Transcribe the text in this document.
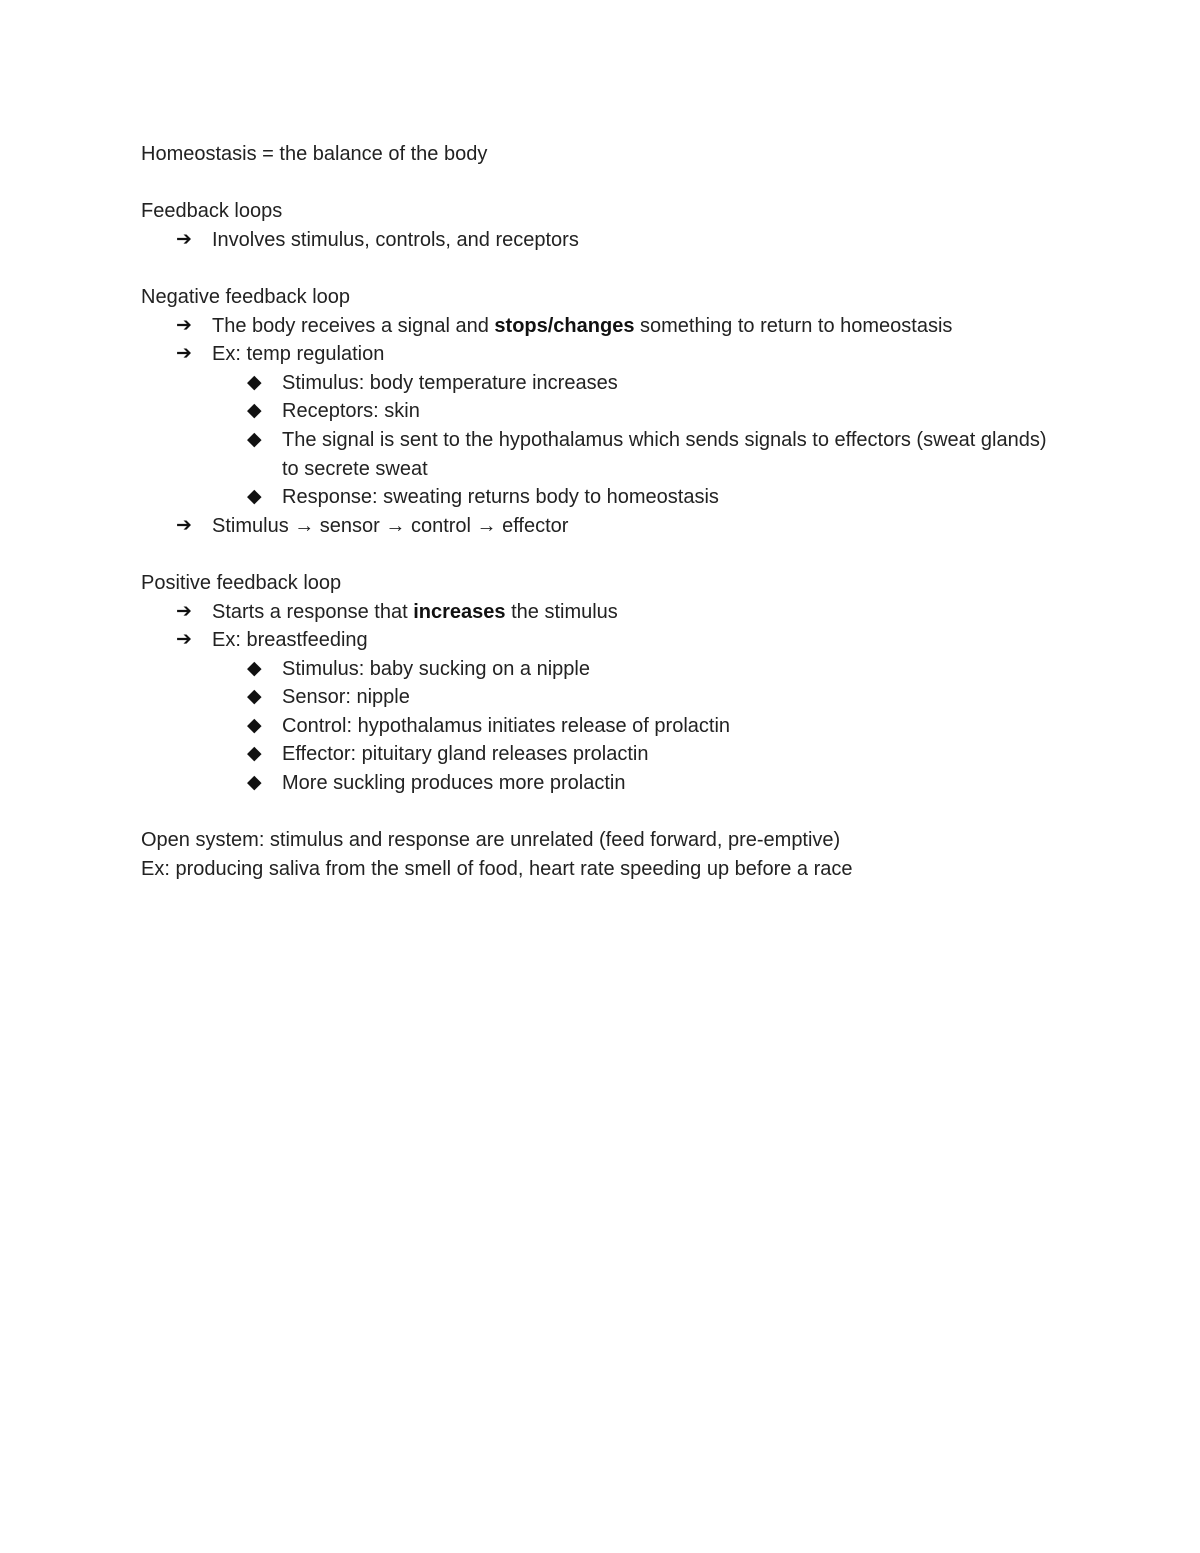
Homeostasis = the balance of the body
Feedback loops
➔ Involves stimulus, controls, and receptors
Negative feedback loop
➔ The body receives a signal and stops/changes something to return to homeostasis
➔ Ex: temp regulation
◆ Stimulus: body temperature increases
◆ Receptors: skin
◆ The signal is sent to the hypothalamus which sends signals to effectors (sweat glands) to secrete sweat
◆ Response: sweating returns body to homeostasis
➔ Stimulus → sensor → control → effector
Positive feedback loop
➔ Starts a response that increases the stimulus
➔ Ex: breastfeeding
◆ Stimulus: baby sucking on a nipple
◆ Sensor: nipple
◆ Control: hypothalamus initiates release of prolactin
◆ Effector: pituitary gland releases prolactin
◆ More suckling produces more prolactin
Open system: stimulus and response are unrelated (feed forward, pre-emptive)
Ex: producing saliva from the smell of food, heart rate speeding up before a race
